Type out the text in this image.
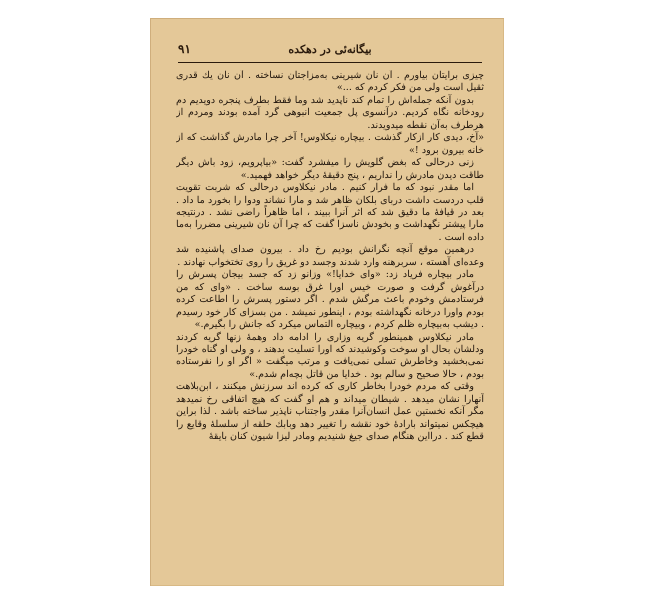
۹۱	بیگانه‌ئی در دهکده

چیزی برایتان بیاورم . آن نان شیرینی به‌مزاجتان نساخته . آن نان یك قدری ثقیل است ولی من فکر کردم که ...»

بدون آنکه جمله‌اش را تمام کند ناپدید شد وما فقط بطرف پنجره دویدیم دم رودخانه نگاه کردیم. درآنسوی پل جمعیت انبوهی گرد آمده بودند ومردم از هرطرف به‌آن نقطه میدویدند.

«آخ، دیدی کار ازکار گذشت . بیچاره نیکلاوس! آخر چرا مادرش گذاشت که از خانه بیرون برود !»

زنی درحالی که بغض گلویش را میفشرد گفت: «بیاپرویم، زود باش دیگر طاقت دیدن مادرش را نداریم ، پنج دقیقهٔ دیگر خواهد فهمید.»

اما مقدر نبود که ما فرار کنیم . مادر نیکلاوس درحالی که شربت تقویت قلب دردست داشت دربای بلکان ظاهر شد و مارا نشاند ودوا را بخورد ما داد . بعد در قیافهٔ ما دقیق شد که اثر آنرا ببیند ، اما ظاهراً راضی نشد . درنتیجه مارا پیشتر نگهداشت و بخودش ناسزا گفت که چرا آن نان شیرینی مضررا به‌ما داده است .

درهمین موقع آنچه نگرانش بودیم رخ داد . بیرون صدای پاشنیده شد وعده‌ای آهسته ، سربرهنه وارد شدند وجسد دو غریق را روی تختخواب نهادند .

مادر بیچاره فریاد زد: «وای خدایا!» وزانو زد که جسد بیجان پسرش را درآغوش گرفت و صورت خیس اورا غرق بوسه ساخت . «وای که من فرستادمش وخودم باعث مرگش شدم . اگر دستور پسرش را اطاعت کرده بودم واورا درخانه نگهداشته بودم ، اینطور نمیشد . من بسزای کار خود رسیدم . دیشب به‌بیچاره ظلم کردم ، وبیچاره التماس میکرد که جانش را بگیرم.»

مادر نیکلاوس همینطور گریه وزاری را ادامه داد وهمهٔ زنها گریه کردند ودلشان بحال او سوخت وکوشیدند که اورا تسلیت بدهند ، و ولی او گناه خودرا نمی‌بخشید وخاطرش تسلی نمی‌یافت و مرتب میگفت « اگر او را نفرستاده بودم ، حالا صحیح و سالم بود . خدایا من قاتل بچه‌ام شدم.»

وقتی که مردم خودرا بخاطر کاری که کرده اند سرزنش میکنند ، ابن‌بلاهت آنهارا نشان میدهد . شیطان میداند و هم او گفت که هیچ اتفاقی رخ نمیدهد مگر آنکه نخستین عمل انسان‌آنرا مقدر واجتناب ناپذیر ساخته باشد . لذا براین هیچکس نمیتواند بارادهٔ خود نقشه را تغییر دهد وبابك حلقه از سلسلهٔ وقایع را قطع کند . درااین هنگام صدای جیغ شنیدیم ومادر لیزا شیون کنان بایقهٔ
